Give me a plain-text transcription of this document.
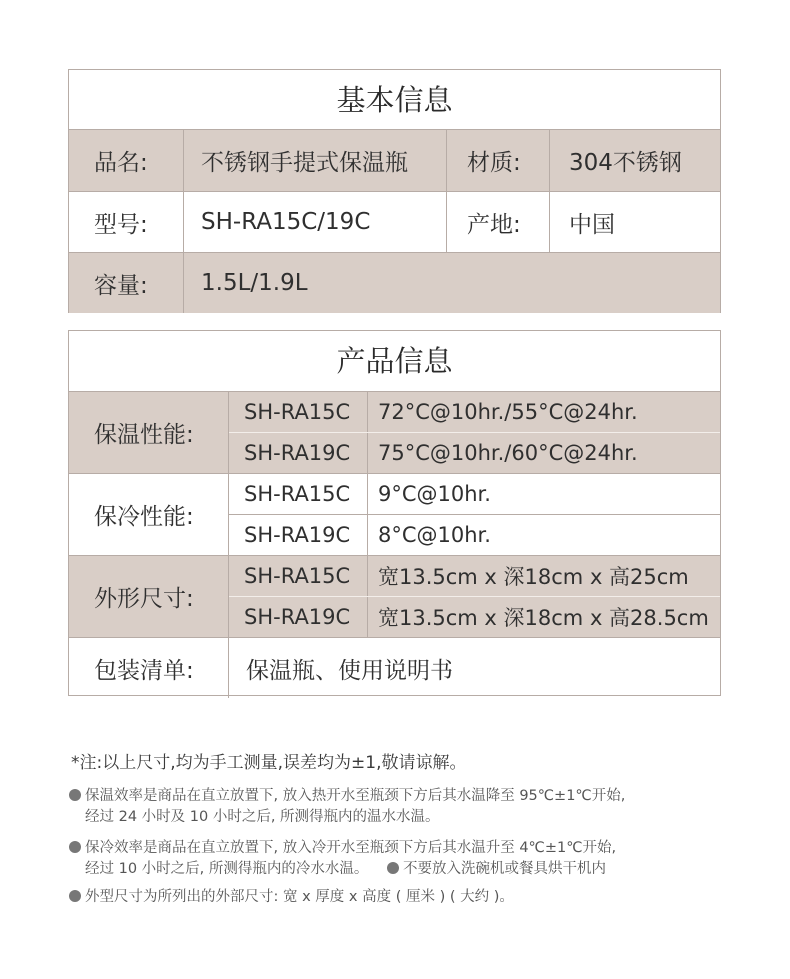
基本信息
品名:	不锈钢手提式保温瓶	材质:	304不锈钢
型号:	SH-RA15C/19C	产地:	中国
容量:	1.5L/1.9L
产品信息
保温性能:
SH-RA15C	72°C@10hr./55°C@24hr.
SH-RA19C	75°C@10hr./60°C@24hr.
保冷性能:
SH-RA15C	9°C@10hr.
SH-RA19C	8°C@10hr.
外形尺寸:
SH-RA15C	宽13.5cm x 深18cm x 高25cm
SH-RA19C	宽13.5cm x 深18cm x 高28.5cm
包装清单:	保温瓶、使用说明书
*注:以上尺寸,均为手工测量,误差均为±1,敬请谅解。
保温效率是商品在直立放置下, 放入热开水至瓶颈下方后其水温降至 95℃±1℃开始,
经过 24 小时及 10 小时之后, 所测得瓶内的温水水温。
保冷效率是商品在直立放置下, 放入冷开水至瓶颈下方后其水温升至 4℃±1℃开始,
经过 10 小时之后, 所测得瓶内的冷水水温。 不要放入洗碗机或餐具烘干机内
外型尺寸为所列出的外部尺寸: 宽 x 厚度 x 高度 ( 厘米 ) ( 大约 )。
